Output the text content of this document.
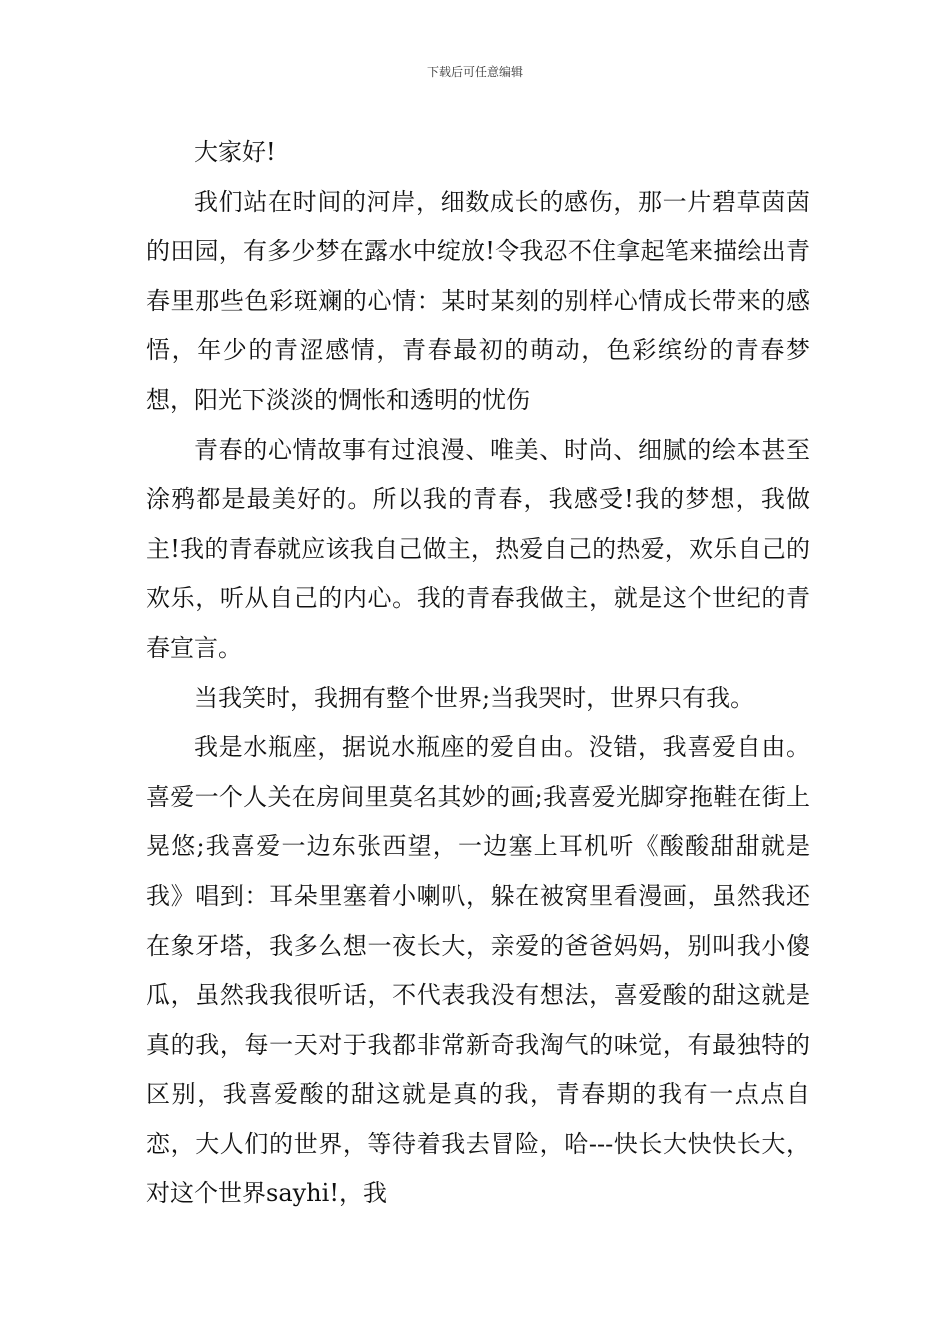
下载后可任意编辑

大家好!

我们站在时间的河岸，细数成长的感伤，那一片碧草茵茵的田园，有多少梦在露水中绽放!令我忍不住拿起笔来描绘出青春里那些色彩斑斓的心情：某时某刻的别样心情成长带来的感悟，年少的青涩感情，青春最初的萌动，色彩缤纷的青春梦想，阳光下淡淡的惆怅和透明的忧伤

青春的心情故事有过浪漫、唯美、时尚、细腻的绘本甚至涂鸦都是最美好的。所以我的青春，我感受!我的梦想，我做主!我的青春就应该我自己做主，热爱自己的热爱，欢乐自己的欢乐，听从自己的内心。我的青春我做主，就是这个世纪的青春宣言。

当我笑时，我拥有整个世界;当我哭时，世界只有我。

我是水瓶座，据说水瓶座的爱自由。没错，我喜爱自由。喜爱一个人关在房间里莫名其妙的画;我喜爱光脚穿拖鞋在街上晃悠;我喜爱一边东张西望，一边塞上耳机听《酸酸甜甜就是我》唱到：耳朵里塞着小喇叭，躲在被窝里看漫画，虽然我还在象牙塔，我多么想一夜长大，亲爱的爸爸妈妈，别叫我小傻瓜，虽然我我很听话，不代表我没有想法，喜爱酸的甜这就是真的我，每一天对于我都非常新奇我淘气的味觉，有最独特的区别，我喜爱酸的甜这就是真的我，青春期的我有一点点自恋，大人们的世界，等待着我去冒险，哈---快长大快快长大，对这个世界sayhi!，我
